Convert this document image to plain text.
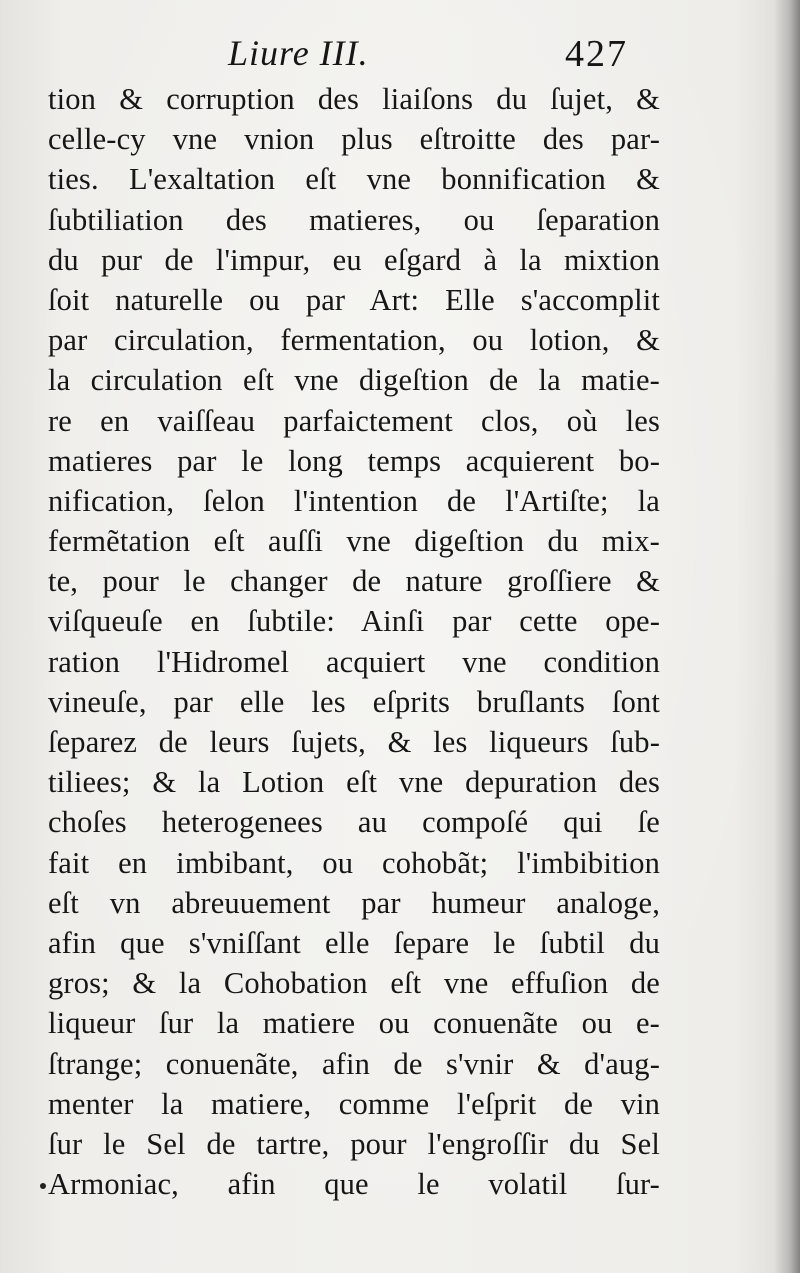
Liure III.	427
tion & corruption des liaiſons du ſujet, &
celle-cy vne vnion plus eſtroitte des par-
ties. L'exaltation eſt vne bonnification &
ſubtiliation des matieres, ou ſeparation
du pur de l'impur, eu eſgard à la mixtion
ſoit naturelle ou par Art: Elle s'accomplit
par circulation, fermentation, ou lotion, &
la circulation eſt vne digeſtion de la matie-
re en vaiſſeau parfaictement clos, où les
matieres par le long temps acquierent bo-
nification, ſelon l'intention de l'Artiſte; la
fermẽtation eſt auſſi vne digeſtion du mix-
te, pour le changer de nature groſſiere &
viſqueuſe en ſubtile: Ainſi par cette ope-
ration l'Hidromel acquiert vne condition
vineuſe, par elle les eſprits bruſlants ſont
ſeparez de leurs ſujets, & les liqueurs ſub-
tiliees; & la Lotion eſt vne depuration des
choſes heterogenees au compoſé qui ſe
fait en imbibant, ou cohobãt; l'imbibition
eſt vn abreuuement par humeur analoge,
afin que s'vniſſant elle ſepare le ſubtil du
gros; & la Cohobation eſt vne effuſion de
liqueur ſur la matiere ou conuenãte ou e-
ſtrange; conuenãte, afin de s'vnir & d'aug-
menter la matiere, comme l'eſprit de vin
ſur le Sel de tartre, pour l'engroſſir du Sel
Armoniac, afin que le volatil ſur-
